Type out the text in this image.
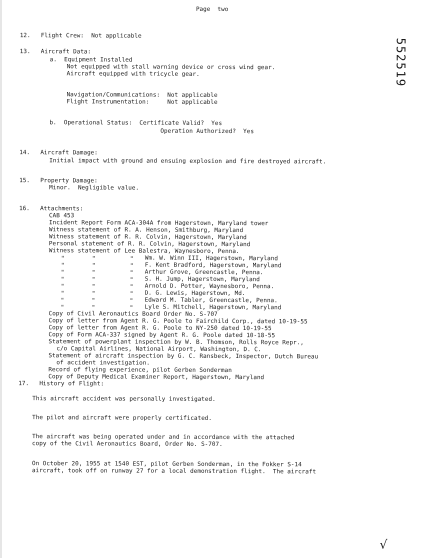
Page  two
552519
12. Flight Crew:  Not applicable
13. Aircraft Data:
a.  Equipment Installed
Not equipped with stall warning device or cross wind gear.
Aircraft equipped with tricycle gear.
Navigation/Communications:  Not applicable
Flight Instrumentation:     Not applicable
b.  Operational Status:  Certificate Valid?  Yes
Operation Authorized?  Yes
14. Aircraft Damage:
Initial impact with ground and ensuing explosion and fire destroyed aircraft.
15. Property Damage:
Minor.  Negligible value.
16. Attachments:
CAB 453
Incident Report Form ACA-304A from Hagerstown, Maryland tower
Witness statement of R. A. Henson, Smithburg, Maryland
Witness statement of R. R. Colvin, Hagerstown, Maryland
Personal statement of R. R. Colvin, Hagerstown, Maryland
Witness statement of Lee Balestra, Waynesboro, Penna.
"
"
"
"
"
"
"
"
"
"
"
"
"
"
"
"
"
"
"
"
"
"
"
"
Wm. W. Winn III, Hagerstown, Maryland
F. Kent Bradford, Hagerstown, Maryland
Arthur Grove, Greencastle, Penna.
S. H. Jump, Hagerstown, Maryland
Arnold D. Potter, Waynesboro, Penna.
D. G. Lewis, Hagerstown, Md.
Edward M. Tabler, Greencastle, Penna.
Lyle S. Mitchell, Hagerstown, Maryland
Copy of Civil Aeronautics Board Order No. S-707
Copy of letter from Agent R. G. Poole to Fairchild Corp., dated 10-19-55
Copy of letter from Agent R. G. Poole to NY-250 dated 10-19-55
Copy of Form ACA-337 signed by Agent R. G. Poole dated 10-18-55
Statement of powerplant inspection by W. B. Thomson, Rolls Royce Repr.,
c/o Capital Airlines, National Airport, Washington, D. C.
Statement of aircraft inspection by G. C. Ransbeck, Inspector, Dutch Bureau
of accident investigation.
Record of flying experience, pilot Gerben Sonderman
Copy of Deputy Medical Examiner Report, Hagerstown, Maryland
17. History of Flight:
This aircraft accident was personally investigated.
The pilot and aircraft were properly certificated.
The aircraft was being operated under and in accordance with the attached
copy of the Civil Aeronautics Board, Order No. S-707.
On October 20, 1955 at 1540 EST, pilot Gerben Sonderman, in the Fokker S-14
aircraft, took off on runway 27 for a local demonstration flight.  The aircraft
√
